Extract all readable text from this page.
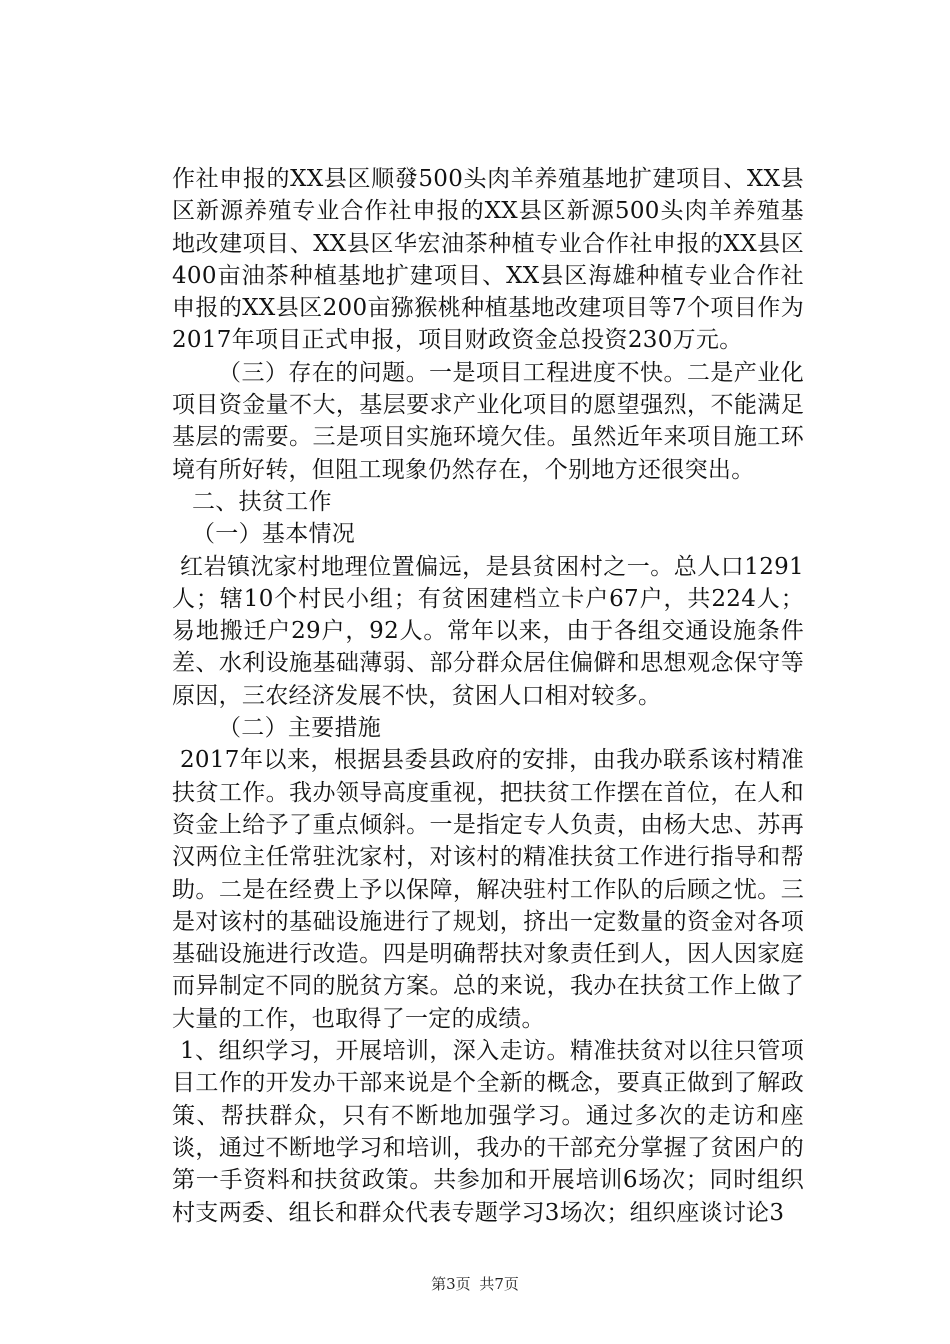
作社申报的XX县区顺發500头肉羊养殖基地扩建项目、XX县区新源养殖专业合作社申报的XX县区新源500头肉羊养殖基地改建项目、XX县区华宏油茶种植专业合作社申报的XX县区400亩油茶种植基地扩建项目、XX县区海雄种植专业合作社申报的XX县区200亩猕猴桃种植基地改建项目等7个项目作为2017年项目正式申报，项目财政资金总投资230万元。

（三）存在的问题。一是项目工程进度不快。二是产业化项目资金量不大，基层要求产业化项目的愿望强烈，不能满足基层的需要。三是项目实施环境欠佳。虽然近年来项目施工环境有所好转，但阻工现象仍然存在，个别地方还很突出。

二、扶贫工作

（一）基本情况

红岩镇沈家村地理位置偏远，是县贫困村之一。总人口1291人；辖10个村民小组；有贫困建档立卡户67户，共224人；易地搬迁户29户，92人。常年以来，由于各组交通设施条件差、水利设施基础薄弱、部分群众居住偏僻和思想观念保守等原因，三农经济发展不快，贫困人口相对较多。

（二）主要措施

2017年以来，根据县委县政府的安排，由我办联系该村精准扶贫工作。我办领导高度重视，把扶贫工作摆在首位，在人和资金上给予了重点倾斜。一是指定专人负责，由杨大忠、苏再汉两位主任常驻沈家村，对该村的精准扶贫工作进行指导和帮助。二是在经费上予以保障，解决驻村工作队的后顾之忧。三是对该村的基础设施进行了规划，挤出一定数量的资金对各项基础设施进行改造。四是明确帮扶对象责任到人，因人因家庭而异制定不同的脱贫方案。总的来说，我办在扶贫工作上做了大量的工作，也取得了一定的成绩。

1、组织学习，开展培训，深入走访。精准扶贫对以往只管项目工作的开发办干部来说是个全新的概念，要真正做到了解政策、帮扶群众，只有不断地加强学习。通过多次的走访和座谈，通过不断地学习和培训，我办的干部充分掌握了贫困户的第一手资料和扶贫政策。共参加和开展培训6场次；同时组织村支两委、组长和群众代表专题学习3场次；组织座谈讨论3

第3页 共7页
